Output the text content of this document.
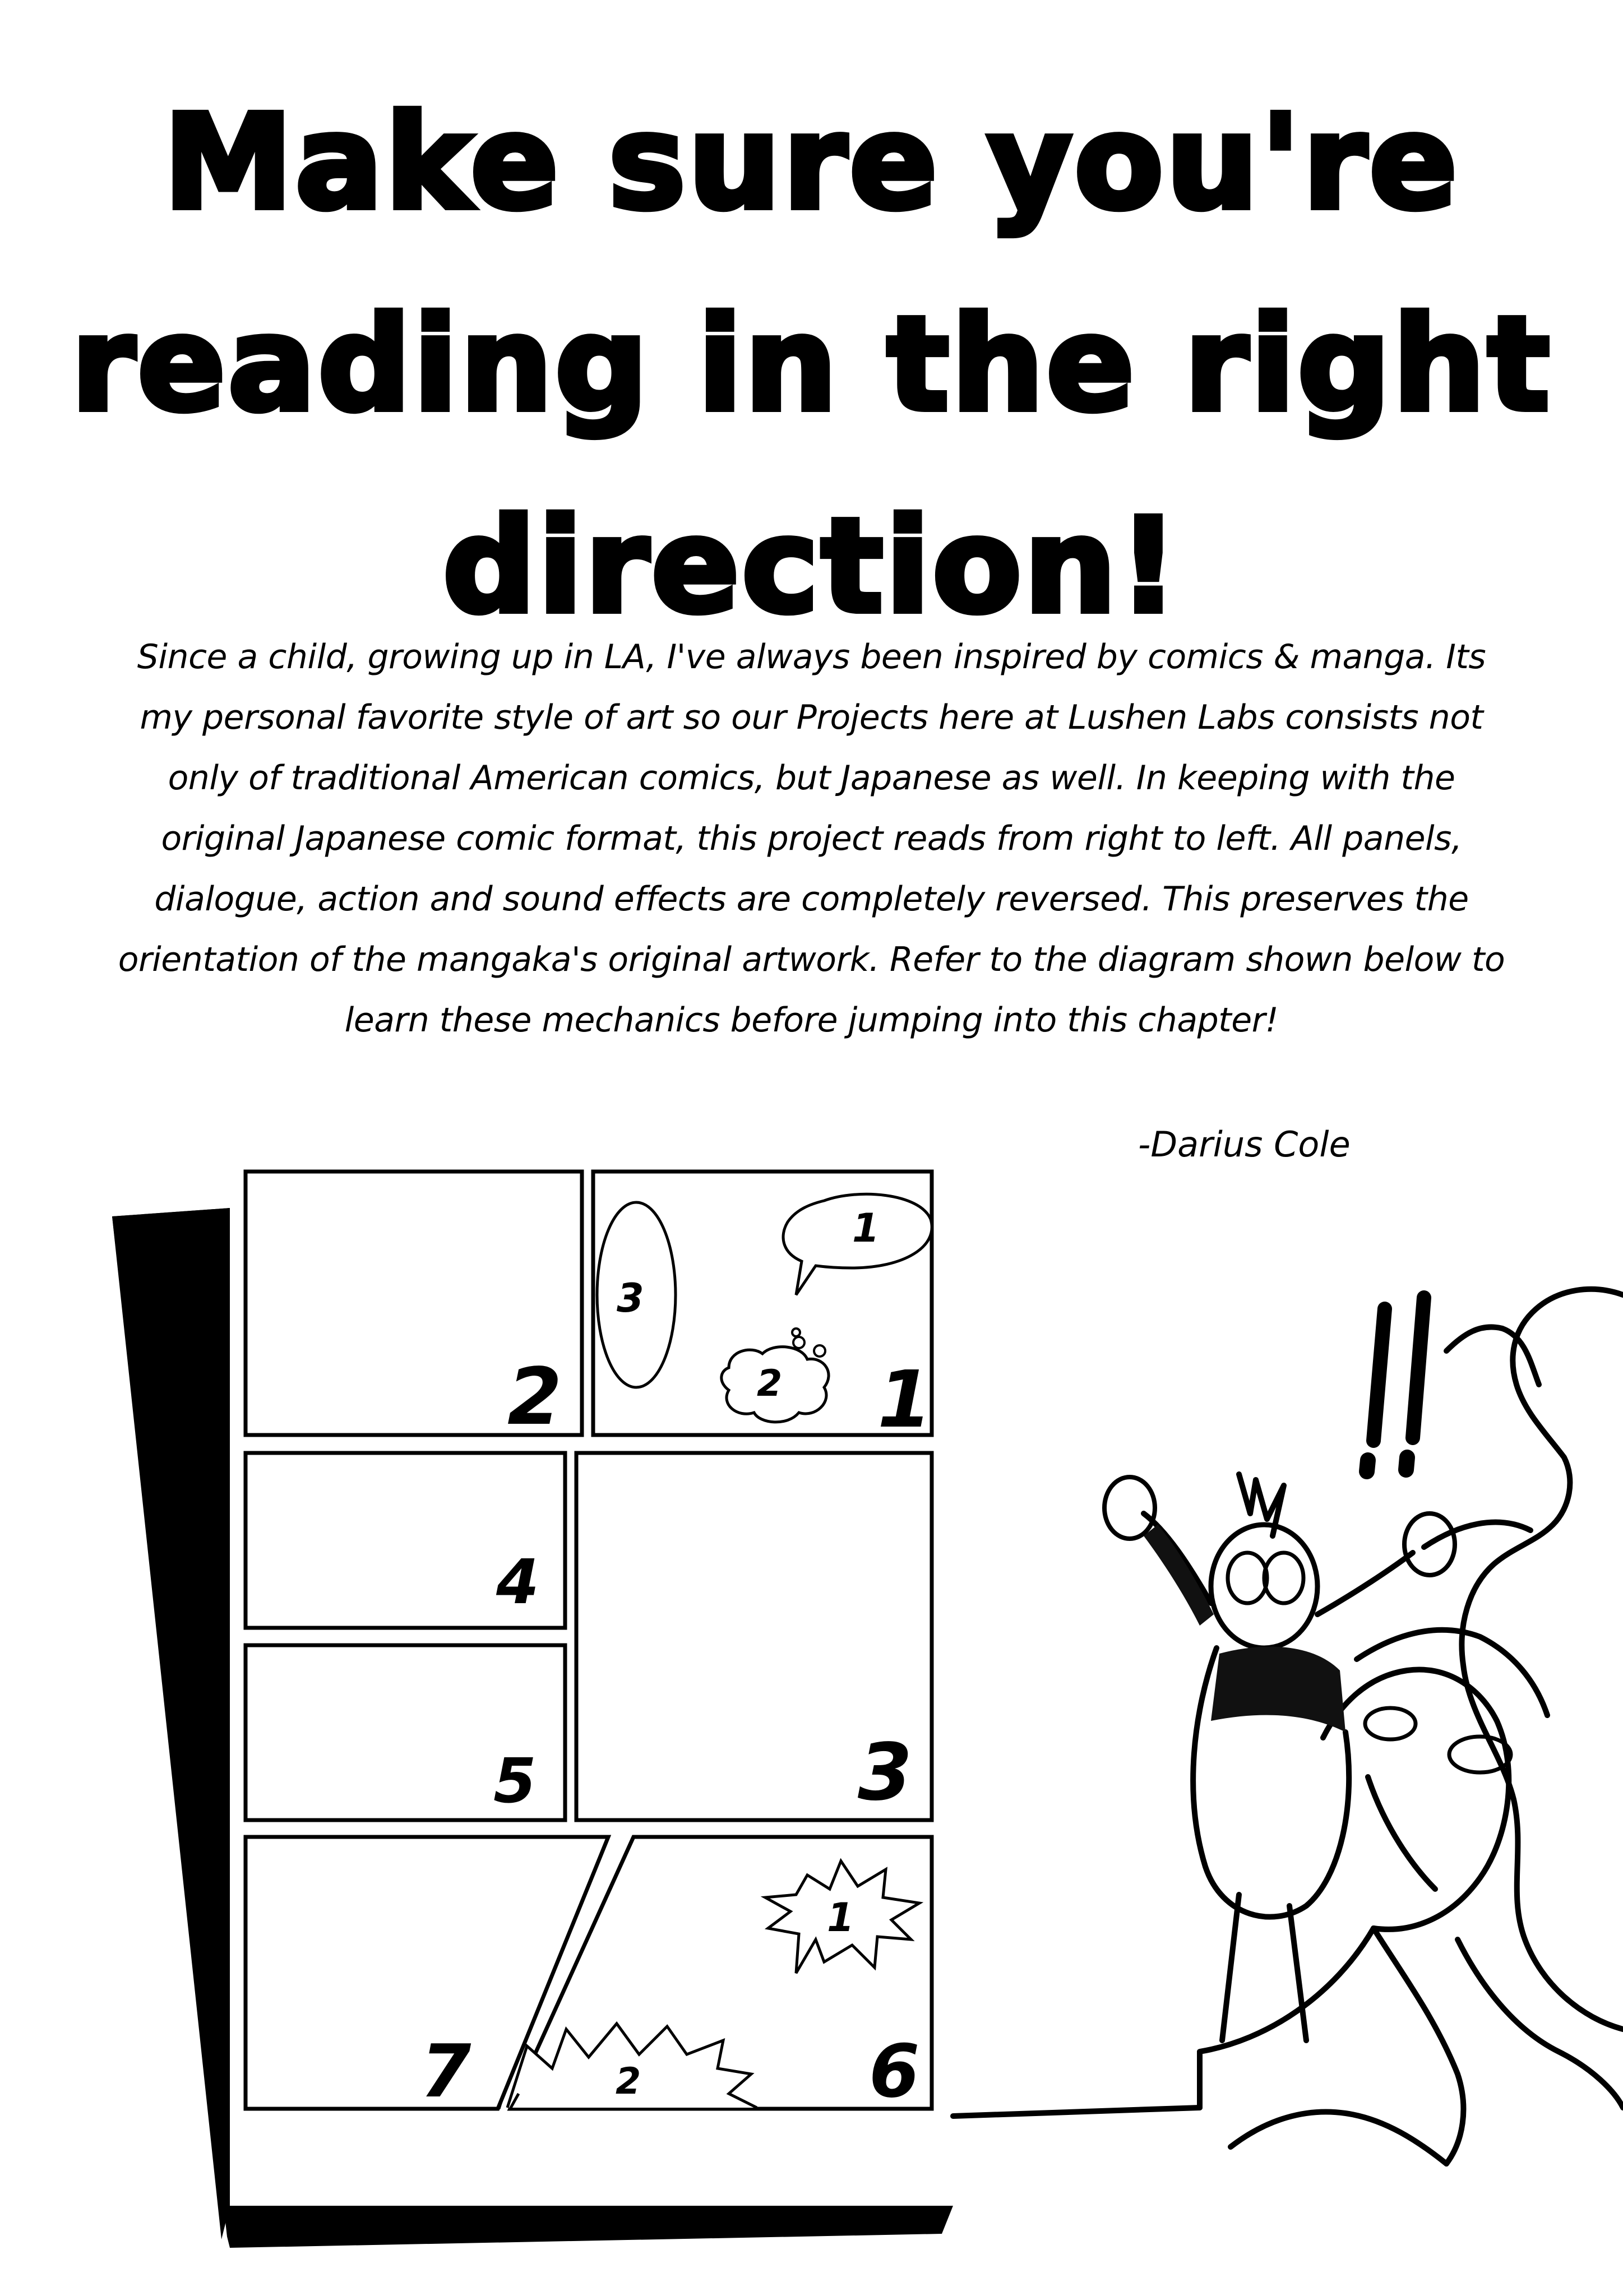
Make sure you're
reading in the right
direction!

Since a child, growing up in LA, I've always been inspired by comics & manga. Its my personal favorite style of art so our Projects here at Lushen Labs consists not only of traditional American comics, but Japanese as well. In keeping with the original Japanese comic format, this project reads from right to left. All panels, dialogue, action and sound effects are completely reversed. This preserves the orientation of the mangaka's original artwork. Refer to the diagram shown below to learn these mechanics before jumping into this chapter!

-Darius Cole
1
2
3
4
5
6
7
1
2
3
1
2
